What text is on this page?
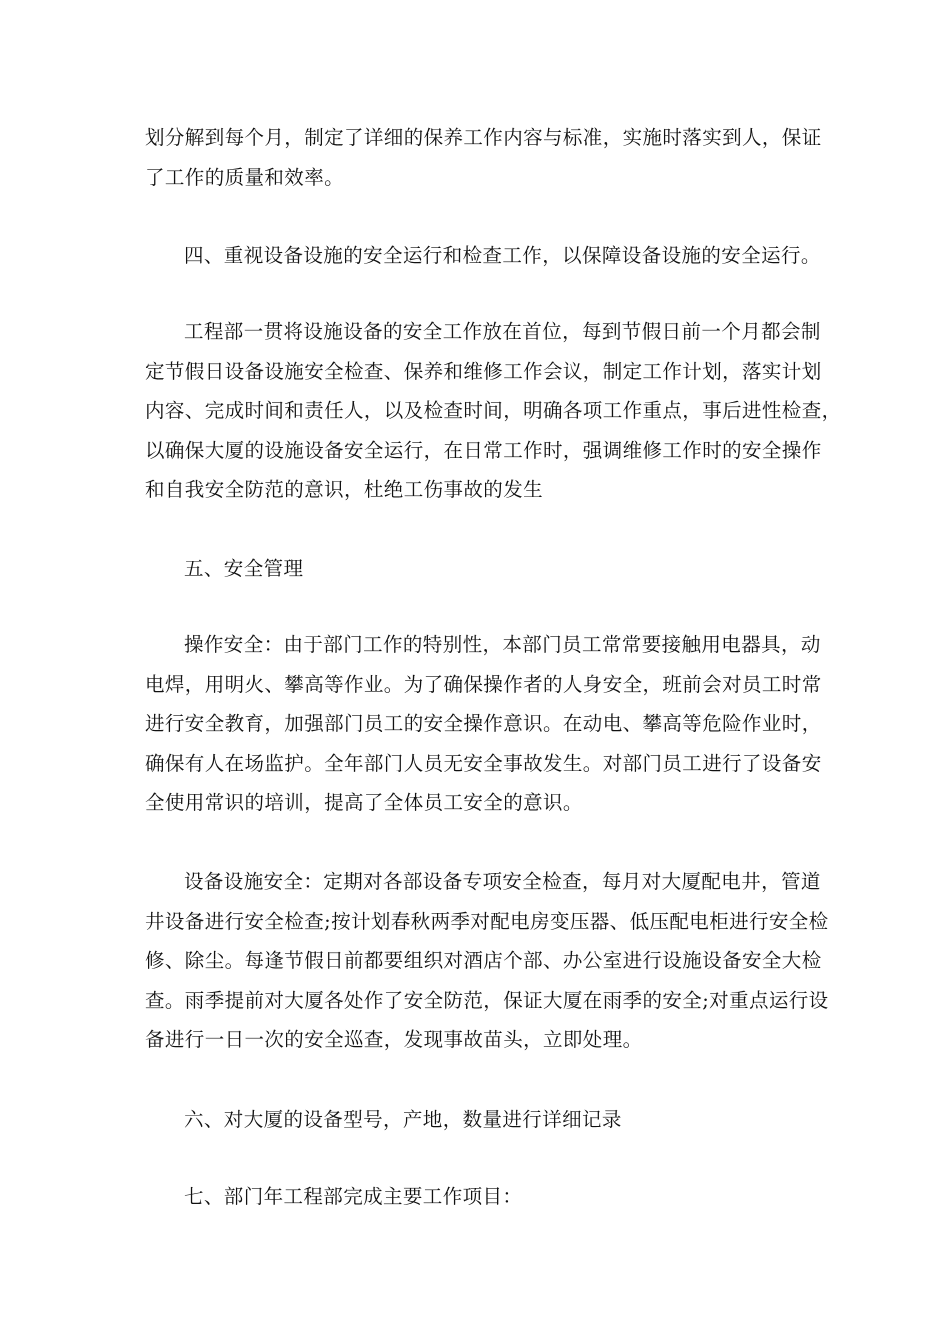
划分解到每个月，制定了详细的保养工作内容与标准，实施时落实到人，保证
了工作的质量和效率。
四、重视设备设施的安全运行和检查工作，以保障设备设施的安全运行。
工程部一贯将设施设备的安全工作放在首位，每到节假日前一个月都会制
定节假日设备设施安全检查、保养和维修工作会议，制定工作计划，落实计划
内容、完成时间和责任人，以及检查时间，明确各项工作重点，事后进性检查，
以确保大厦的设施设备安全运行，在日常工作时，强调维修工作时的安全操作
和自我安全防范的意识，杜绝工伤事故的发生
五、安全管理
操作安全：由于部门工作的特别性，本部门员工常常要接触用电器具，动
电焊，用明火、攀高等作业。为了确保操作者的人身安全，班前会对员工时常
进行安全教育，加强部门员工的安全操作意识。在动电、攀高等危险作业时，
确保有人在场监护。全年部门人员无安全事故发生。对部门员工进行了设备安
全使用常识的培训，提高了全体员工安全的意识。
设备设施安全：定期对各部设备专项安全检查，每月对大厦配电井，管道
井设备进行安全检查;按计划春秋两季对配电房变压器、低压配电柜进行安全检
修、除尘。每逢节假日前都要组织对酒店个部、办公室进行设施设备安全大检
查。雨季提前对大厦各处作了安全防范，保证大厦在雨季的安全;对重点运行设
备进行一日一次的安全巡查，发现事故苗头，立即处理。
六、对大厦的设备型号，产地，数量进行详细记录
七、部门年工程部完成主要工作项目：
